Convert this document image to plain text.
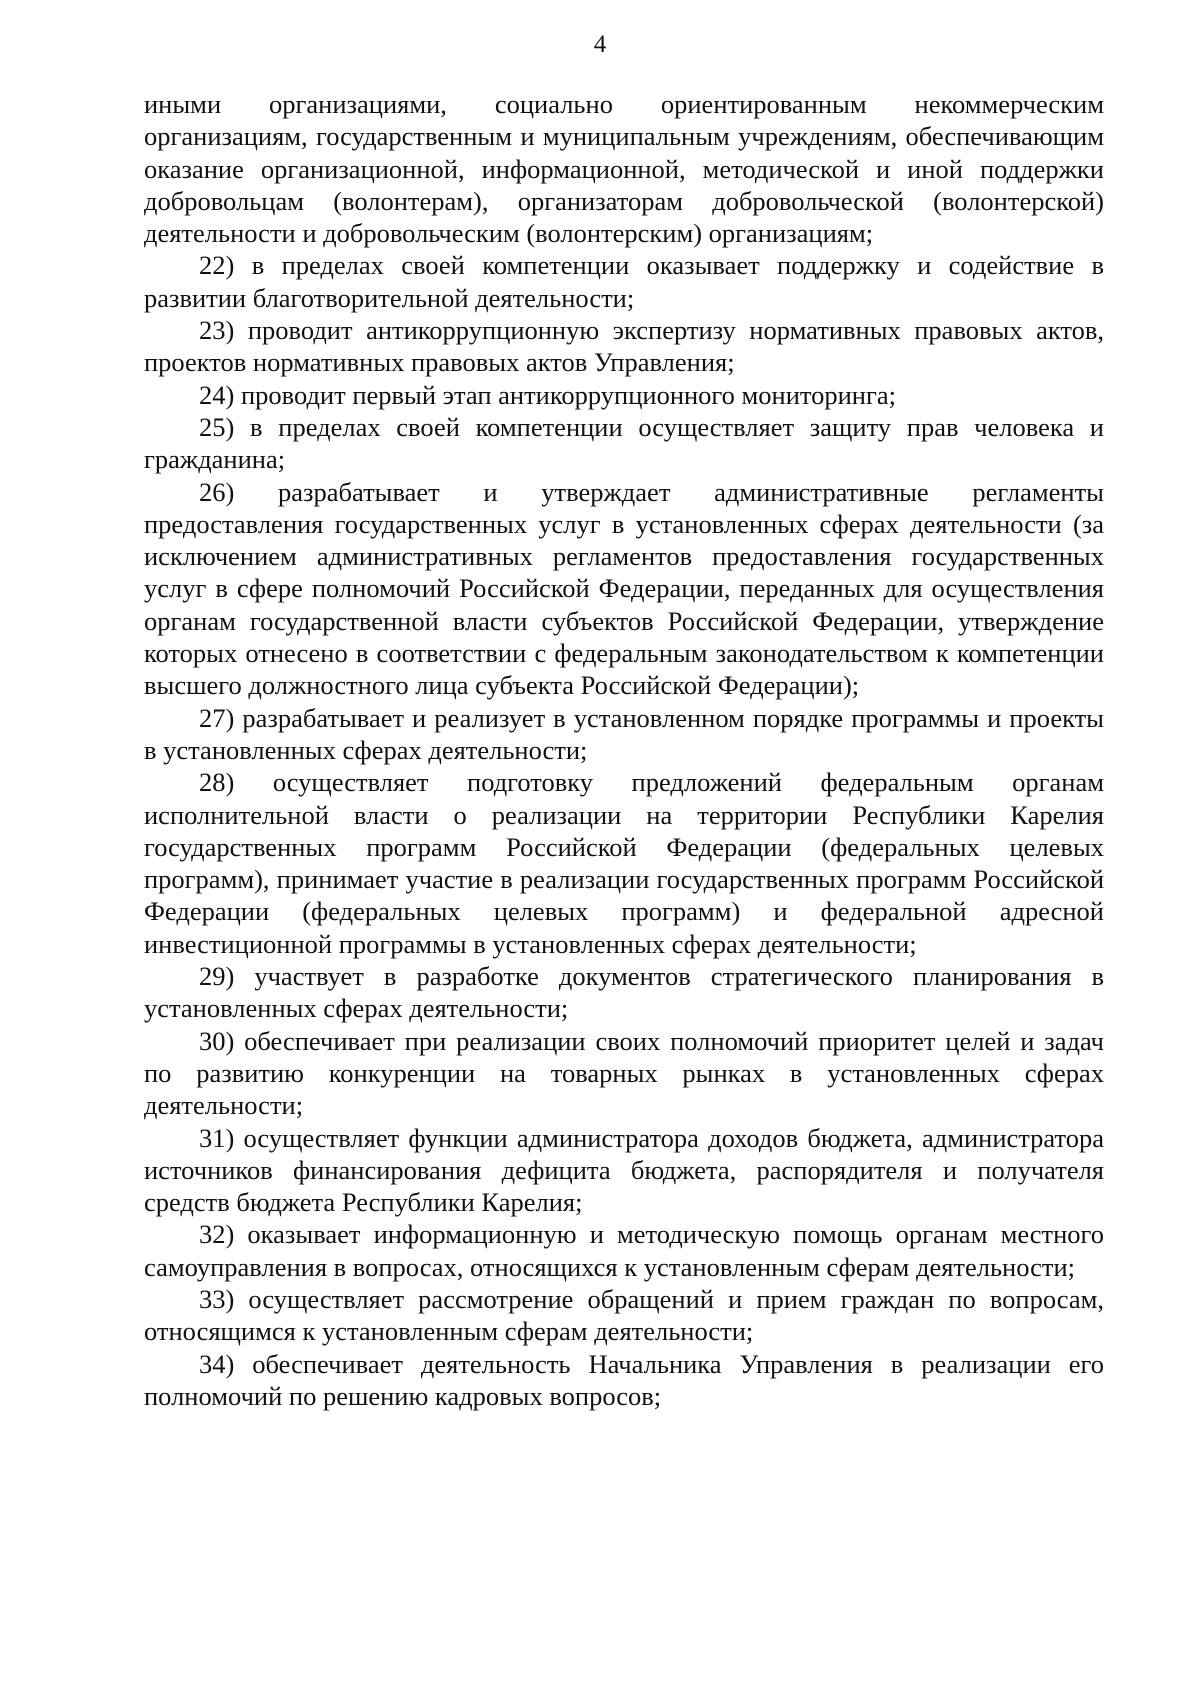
4

иными организациями, социально ориентированным некоммерческим организациям, государственным и муниципальным учреждениям, обеспечивающим оказание организационной, информационной, методической и иной поддержки добровольцам (волонтерам), организаторам добровольческой (волонтерской) деятельности и добровольческим (волонтерским) организациям;

22) в пределах своей компетенции оказывает поддержку и содействие в развитии благотворительной деятельности;

23) проводит антикоррупционную экспертизу нормативных правовых актов, проектов нормативных правовых актов Управления;

24) проводит первый этап антикоррупционного мониторинга;

25) в пределах своей компетенции осуществляет защиту прав человека и гражданина;

26) разрабатывает и утверждает административные регламенты предоставления государственных услуг в установленных сферах деятельности (за исключением административных регламентов предоставления государственных услуг в сфере полномочий Российской Федерации, переданных для осуществления органам государственной власти субъектов Российской Федерации, утверждение которых отнесено в соответствии с федеральным законодательством к компетенции высшего должностного лица субъекта Российской Федерации);

27) разрабатывает и реализует в установленном порядке программы и проекты в установленных сферах деятельности;

28) осуществляет подготовку предложений федеральным органам исполнительной власти о реализации на территории Республики Карелия государственных программ Российской Федерации (федеральных целевых программ), принимает участие в реализации государственных программ Российской Федерации (федеральных целевых программ) и федеральной адресной инвестиционной программы в установленных сферах деятельности;

29) участвует в разработке документов стратегического планирования в установленных сферах деятельности;

30) обеспечивает при реализации своих полномочий приоритет целей и задач по развитию конкуренции на товарных рынках в установленных сферах деятельности;

31) осуществляет функции администратора доходов бюджета, администратора источников финансирования дефицита бюджета, распорядителя и получателя средств бюджета Республики Карелия;

32) оказывает информационную и методическую помощь органам местного самоуправления в вопросах, относящихся к установленным сферам деятельности;

33) осуществляет рассмотрение обращений и прием граждан по вопросам, относящимся к установленным сферам деятельности;

34) обеспечивает деятельность Начальника Управления в реализации его полномочий по решению кадровых вопросов;
